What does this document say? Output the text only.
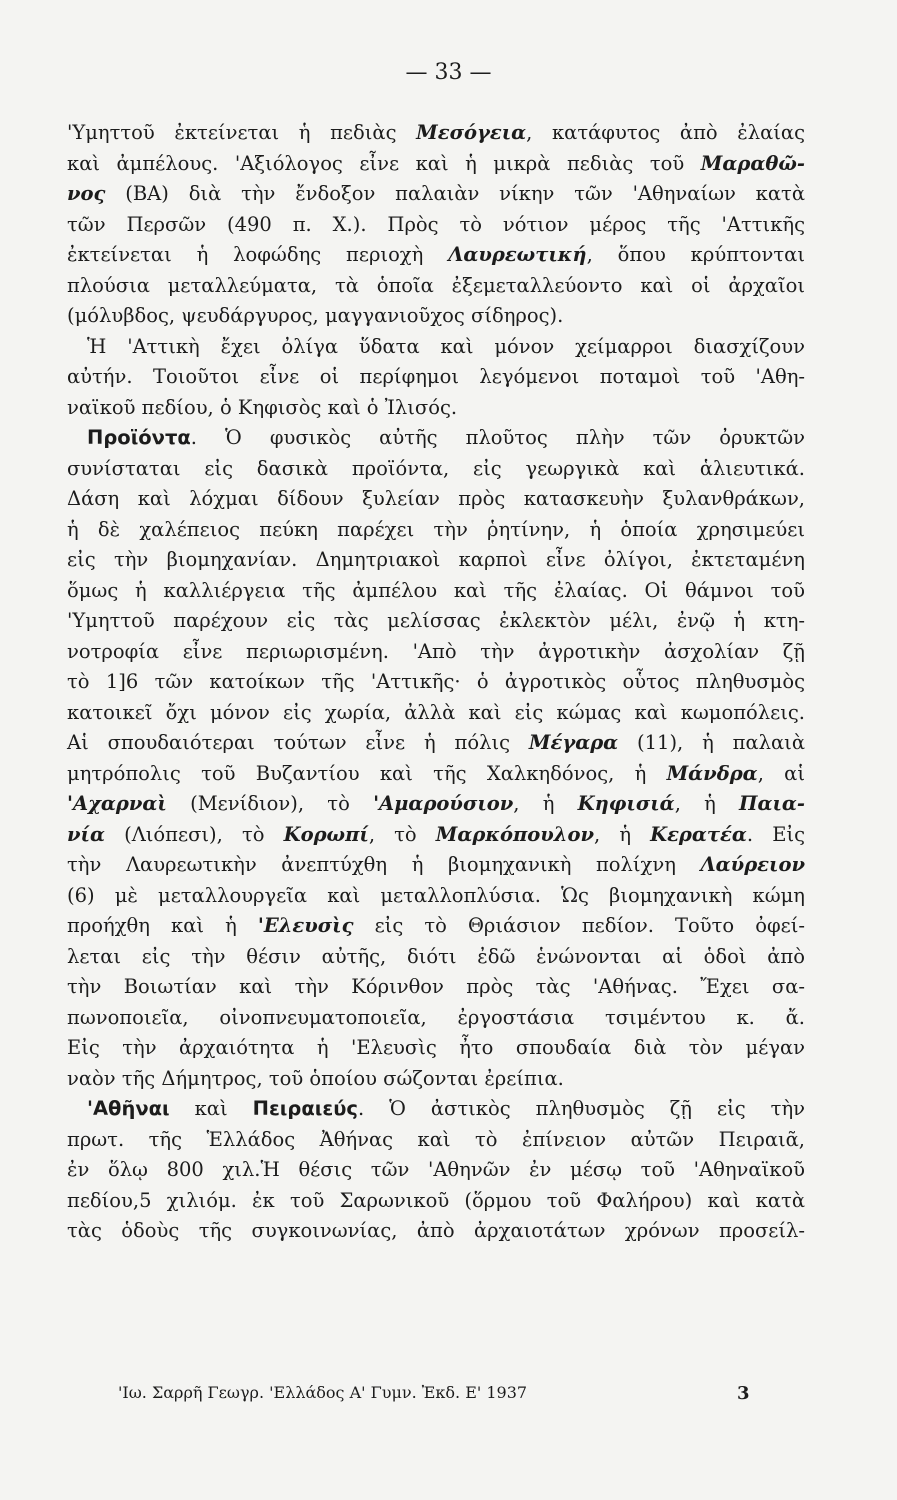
— 33 —
'Υμηττοῦ ἐκτείνεται ἡ πεδιὰς Μεσόγεια, κατάφυτος ἀπὸ ἐλαίας
καὶ ἀμπέλους. 'Αξιόλογος εἶνε καὶ ἡ μικρὰ πεδιὰς τοῦ Μαραθῶ-
νος (ΒΑ) διὰ τὴν ἔνδοξον παλαιὰν νίκην τῶν 'Αθηναίων κατὰ
τῶν Περσῶν (490 π. Χ.). Πρὸς τὸ νότιον μέρος τῆς 'Αττικῆς
ἐκτείνεται ἡ λοφώδης περιοχὴ Λαυρεωτική, ὅπου κρύπτονται
πλούσια μεταλλεύματα, τὰ ὁποῖα ἐξεμεταλλεύοντο καὶ οἱ ἀρχαῖοι
(μόλυβδος, ψευδάργυρος, μαγγανιοῦχος σίδηρος).
Ἡ 'Αττικὴ ἔχει ὀλίγα ὕδατα καὶ μόνον χείμαρροι διασχίζουν
αὐτήν. Τοιοῦτοι εἶνε οἱ περίφημοι λεγόμενοι ποταμοὶ τοῦ 'Αθη-
ναϊκοῦ πεδίου, ὁ Κηφισὸς καὶ ὁ Ἰλισός.
Προϊόντα. Ὁ φυσικὸς αὐτῆς πλοῦτος πλὴν τῶν ὀρυκτῶν
συνίσταται εἰς δασικὰ προϊόντα, εἰς γεωργικὰ καὶ ἁλιευτικά.
Δάση καὶ λόχμαι δίδουν ξυλείαν πρὸς κατασκευὴν ξυλανθράκων,
ἡ δὲ χαλέπειος πεύκη παρέχει τὴν ῥητίνην, ἡ ὁποία χρησιμεύει
εἰς τὴν βιομηχανίαν. Δημητριακοὶ καρποὶ εἶνε ὀλίγοι, ἐκτεταμένη
ὅμως ἡ καλλιέργεια τῆς ἀμπέλου καὶ τῆς ἐλαίας. Οἱ θάμνοι τοῦ
'Υμηττοῦ παρέχουν εἰς τὰς μελίσσας ἐκλεκτὸν μέλι, ἐνῷ ἡ κτη-
νοτροφία εἶνε περιωρισμένη. 'Απὸ τὴν ἀγροτικὴν ἀσχολίαν ζῇ
τὸ 1]6 τῶν κατοίκων τῆς 'Αττικῆς· ὁ ἀγροτικὸς οὗτος πληθυσμὸς
κατοικεῖ ὄχι μόνον εἰς χωρία, ἀλλὰ καὶ εἰς κώμας καὶ κωμοπόλεις.
Αἱ σπουδαιότεραι τούτων εἶνε ἡ πόλις Μέγαρα (11), ἡ παλαιὰ
μητρόπολις τοῦ Βυζαντίου καὶ τῆς Χαλκηδόνος, ἡ Μάνδρα, αἱ
'Αχαρναὶ (Μενίδιον), τὸ 'Αμαρούσιον, ἡ Κηφισιά, ἡ Παια-
νία (Λιόπεσι), τὸ Κορωπί, τὸ Μαρκόπουλον, ἡ Κερατέα. Εἰς
τὴν Λαυρεωτικὴν ἀνεπτύχθη ἡ βιομηχανικὴ πολίχνη Λαύρειον
(6) μὲ μεταλλουργεῖα καὶ μεταλλοπλύσια. Ὡς βιομηχανικὴ κώμη
προήχθη καὶ ἡ 'Ελευσὶς εἰς τὸ Θριάσιον πεδίον. Τοῦτο ὀφεί-
λεται εἰς τὴν θέσιν αὐτῆς, διότι ἐδῶ ἑνώνονται αἱ ὁδοὶ ἀπὸ
τὴν Βοιωτίαν καὶ τὴν Κόρινθον πρὸς τὰς 'Αθήνας. Ἔχει σα-
πωνοποιεῖα, οἰνοπνευματοποιεῖα, ἐργοστάσια τσιμέντου κ. ἄ.
Εἰς τὴν ἀρχαιότητα ἡ 'Ελευσὶς ἦτο σπουδαία διὰ τὸν μέγαν
ναὸν τῆς Δήμητρος, τοῦ ὁποίου σώζονται ἐρείπια.
'Αθῆναι καὶ Πειραιεύς. Ὁ ἀστικὸς πληθυσμὸς ζῇ εἰς τὴν
πρωτ. τῆς Ἑλλάδος Ἀθήνας καὶ τὸ ἐπίνειον αὐτῶν Πειραιᾶ,
ἐν ὅλῳ 800 χιλ.Ἡ θέσις τῶν 'Αθηνῶν ἐν μέσῳ τοῦ 'Αθηναϊκοῦ
πεδίου,5 χιλιόμ. ἐκ τοῦ Σαρωνικοῦ (ὅρμου τοῦ Φαλήρου) καὶ κατὰ
τὰς ὁδοὺς τῆς συγκοινωνίας, ἀπὸ ἀρχαιοτάτων χρόνων προσείλ-
'Ιω. Σαρρῆ Γεωγρ. 'Ελλάδος Α' Γυμν. Ἐκδ. Ε' 1937	3
